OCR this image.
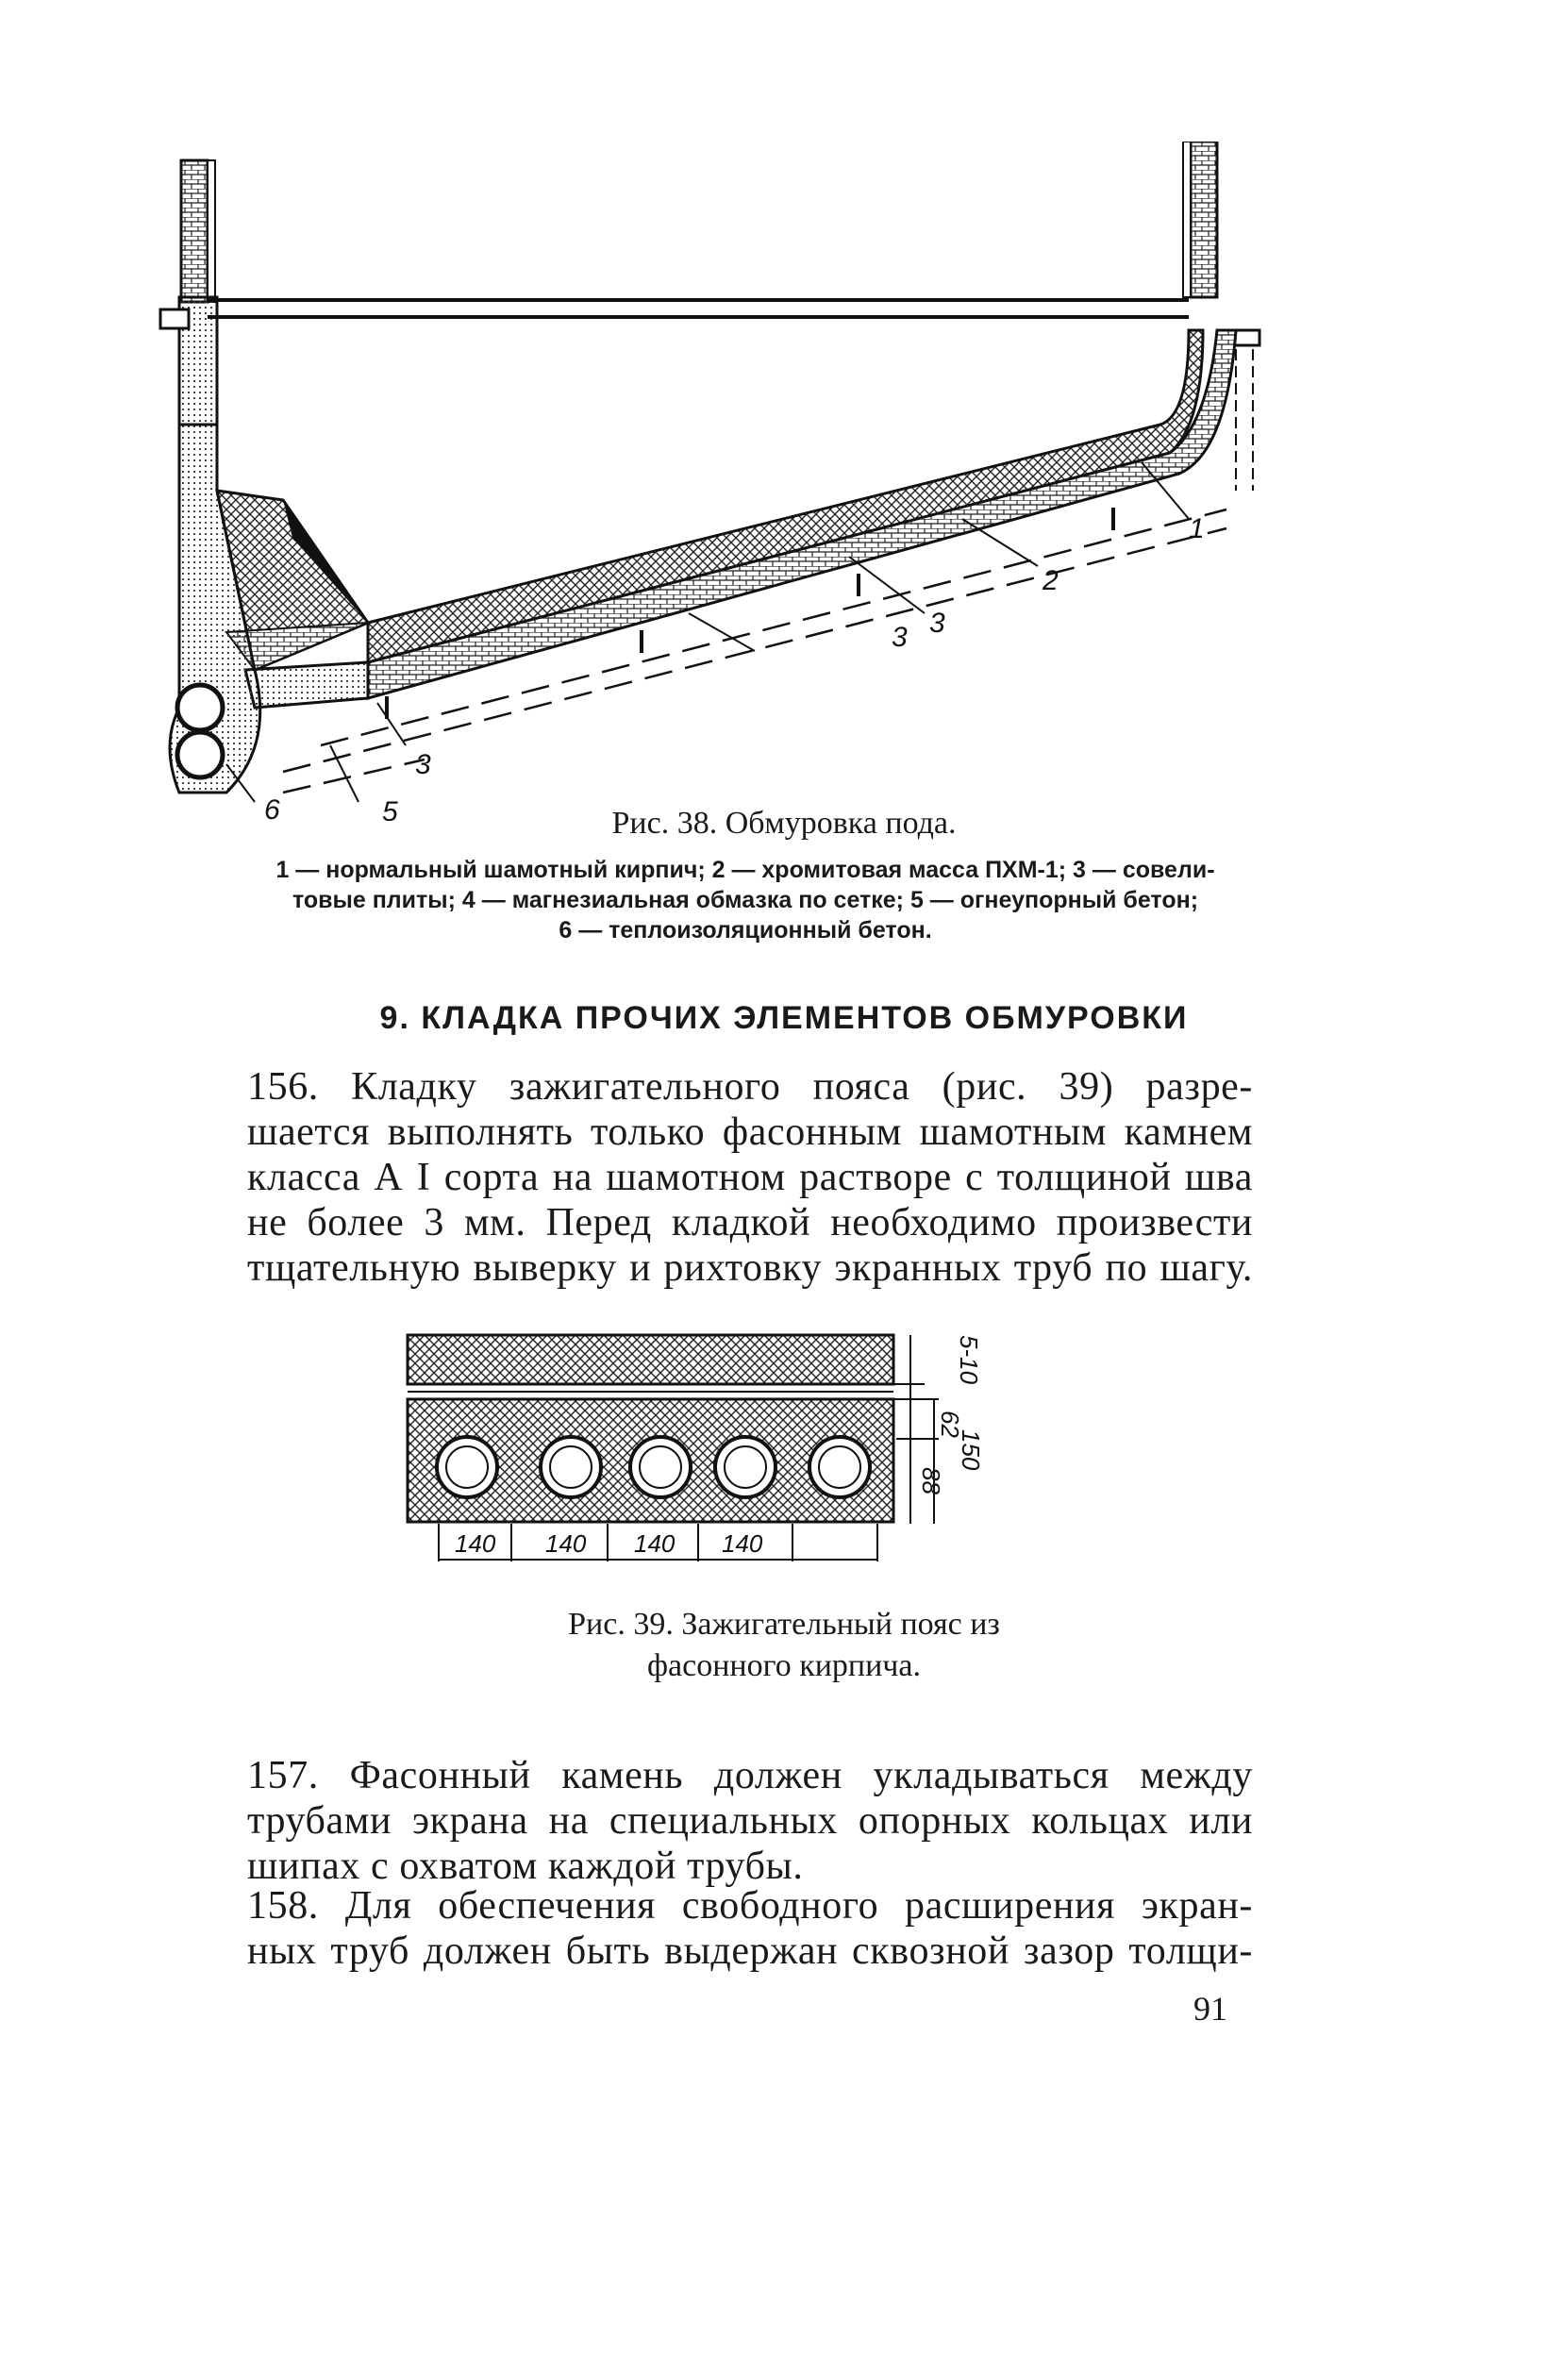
1
2
3 3
3
5
6	Рис. 38. Обмуровка пода.
1 — нормальный шамотный кирпич; 2 — хромитовая масса ПХМ-1; 3 — совели-
товые плиты; 4 — магнезиальная обмазка по сетке; 5 — огнеупорный бетон;
6 — теплоизоляционный бетон.
9. КЛАДКА ПРОЧИХ ЭЛЕМЕНТОВ ОБМУРОВКИ
156. Кладку зажигательного пояса (рис. 39) разре-
шается выполнять только фасонным шамотным камнем
класса А I сорта на шамотном растворе с толщиной шва
не более 3 мм. Перед кладкой необходимо произвести
тщательную выверку и рихтовку экранных труб по шагу.
140 140 140 140
5-10
62
150
88
Рис. 39. Зажигательный пояс из
фасонного кирпича.
157. Фасонный камень должен укладываться между
трубами экрана на специальных опорных кольцах или
шипах с охватом каждой трубы.
158. Для обеспечения свободного расширения экран-
ных труб должен быть выдержан сквозной зазор толщи-
91
